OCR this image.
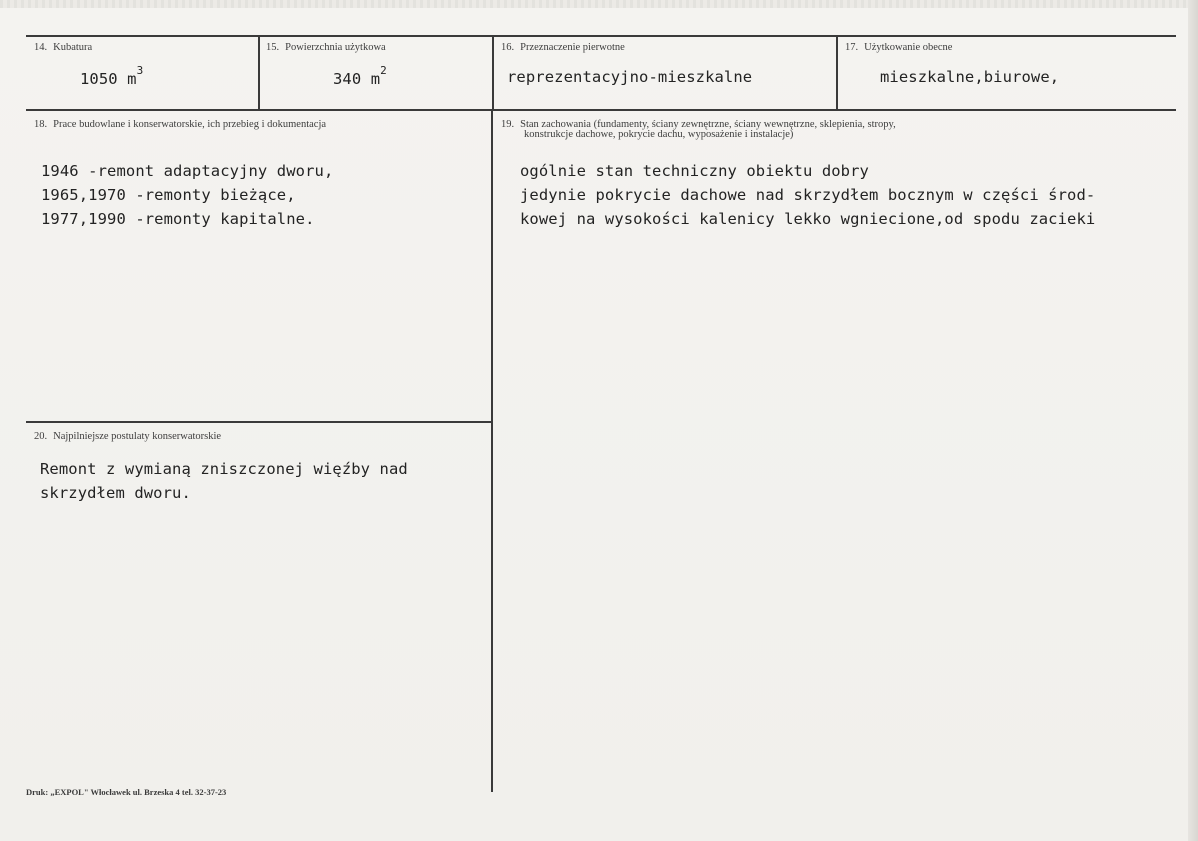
14. Kubatura
1050 $m^3$
15. Powierzchnia użytkowa
340 $m^2$
16. Przeznaczenie pierwotne
reprezentacyjno-mieszkalne
17. Użytkowanie obecne
mieszkalne,biurowe,
18. Prace budowlane i konserwatorskie, ich przebieg i dokumentacja
1946 -remont adaptacyjny dworu,
1965,1970 -remonty bieżące,
1977,1990 -remonty kapitalne.
19. Stan zachowania (fundamenty, ściany zewnętrzne, ściany wewnętrzne, sklepienia, stropy,
konstrukcje dachowe, pokrycie dachu, wyposażenie i instalacje)
ogólnie stan techniczny obiektu dobry
jedynie pokrycie dachowe nad skrzydłem bocznym w części środ-
kowej na wysokości kalenicy lekko wgniecione,od spodu zacieki
20. Najpilniejsze postulaty konserwatorskie
Remont z wymianą zniszczonej więźby nad
skrzydłem dworu.
Druk: „EXPOL" Włocławek ul. Brzeska 4 tel. 32-37-23
